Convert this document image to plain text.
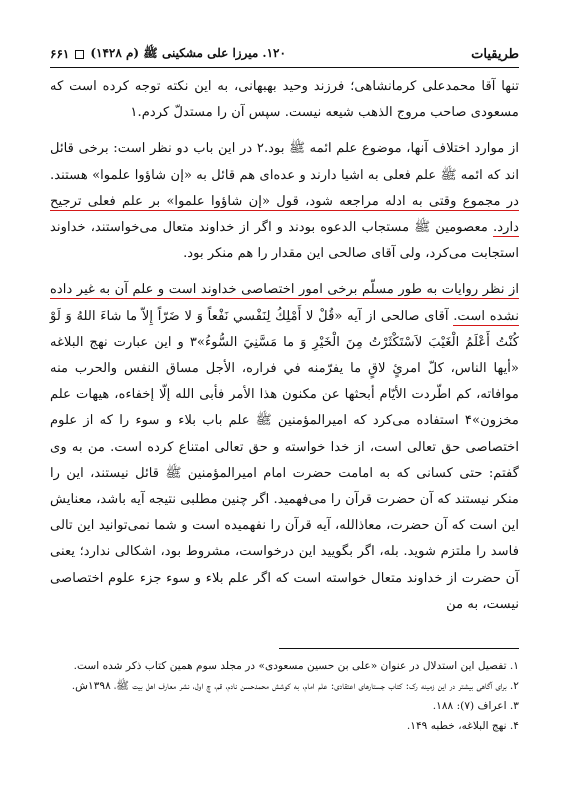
طریقیات
۱۲۰. میرزا علی مشکینی ﷺ (م ۱۴۲۸)
۶۶۱

تنها آقا محمدعلی کرمانشاهی؛ فرزند وحید بهبهانی، به این نکته توجه کرده است که مسعودی صاحب مروج الذهب شیعه نیست. سپس آن را مستدلّ کردم.۱

از موارد اختلاف آنها، موضوع علم ائمه ﷺ بود.۲ در این باب دو نظر است: برخی قائل اند که ائمه ﷺ علم فعلی به اشیا دارند و عده‌ای هم قائل به «إن شاؤوا علموا» هستند. در مجموع وقتی به ادله مراجعه شود، قول «إن شاؤوا علموا» بر علم فعلی ترجیح دارد. معصومین ﷺ مستجاب الدعوه بودند و اگر از خداوند متعال می‌خواستند، خداوند استجابت می‌کرد، ولی آقای صالحی این مقدار را هم منکر بود.

از نظر روایات به طور مسلّم برخی امور اختصاصی خداوند است و علم آن به غیر داده نشده است. آقای صالحی از آیه «قُلْ لا أَمْلِكُ لِنَفْسي نَفْعاً وَ لا ضَرّاً إِلاّ ما شاءَ اللهُ وَ لَوْ كُنْتُ أَعْلَمُ الْغَيْبَ لاَسْتَكْثَرْتُ مِنَ الْخَيْرِ وَ ما مَسَّنِيَ السُّوءُ»۳ و این عبارت نهج البلاغه «أيها الناس، كلّ امرئٍ لاقٍ ما يفرّمنه في فراره، الأجل مساق النفس والحرب منه موافاته، كم اطّردت الأيّام أبحثها عن مكنون هذا الأمر فأبى الله إلّا إخفاءه، هيهات علم مخزون»۴ استفاده می‌کرد که امیرالمؤمنین ﷺ علم باب بلاء و سوء را که از علوم اختصاصی حق تعالی است، از خدا خواسته و حق تعالی امتناع کرده است. من به وی گفتم: حتی کسانی که به امامت حضرت امام امیرالمؤمنین ﷺ قائل نیستند، این را منکر نیستند که آن حضرت قرآن را می‌فهمید. اگر چنین مطلبی نتیجه آیه باشد، معنایش این است که آن حضرت، معاذالله، آیه قرآن را نفهمیده است و شما نمی‌توانید این تالی فاسد را ملتزم شوید. بله، اگر بگویید این درخواست، مشروط بود، اشکالی ندارد؛ یعنی آن حضرت از خداوند متعال خواسته است که اگر علم بلاء و سوء جزء علوم اختصاصی نیست، به من

۱. تفصیل این استدلال در عنوان «علی بن حسین مسعودی» در مجلد سوم همین کتاب ذکر شده است.
۲. برای آگاهی بیشتر در این زمینه رک: کتاب جستارهای اعتقادی: علم امام، به کوشش محمدحسن نادم، قم، چ اول، نشر معارف اهل بیت ﷺ، ۱۳۹۸ش.
۳. اعراف (۷): ۱۸۸.
۴. نهج البلاغه، خطبه ۱۴۹.
